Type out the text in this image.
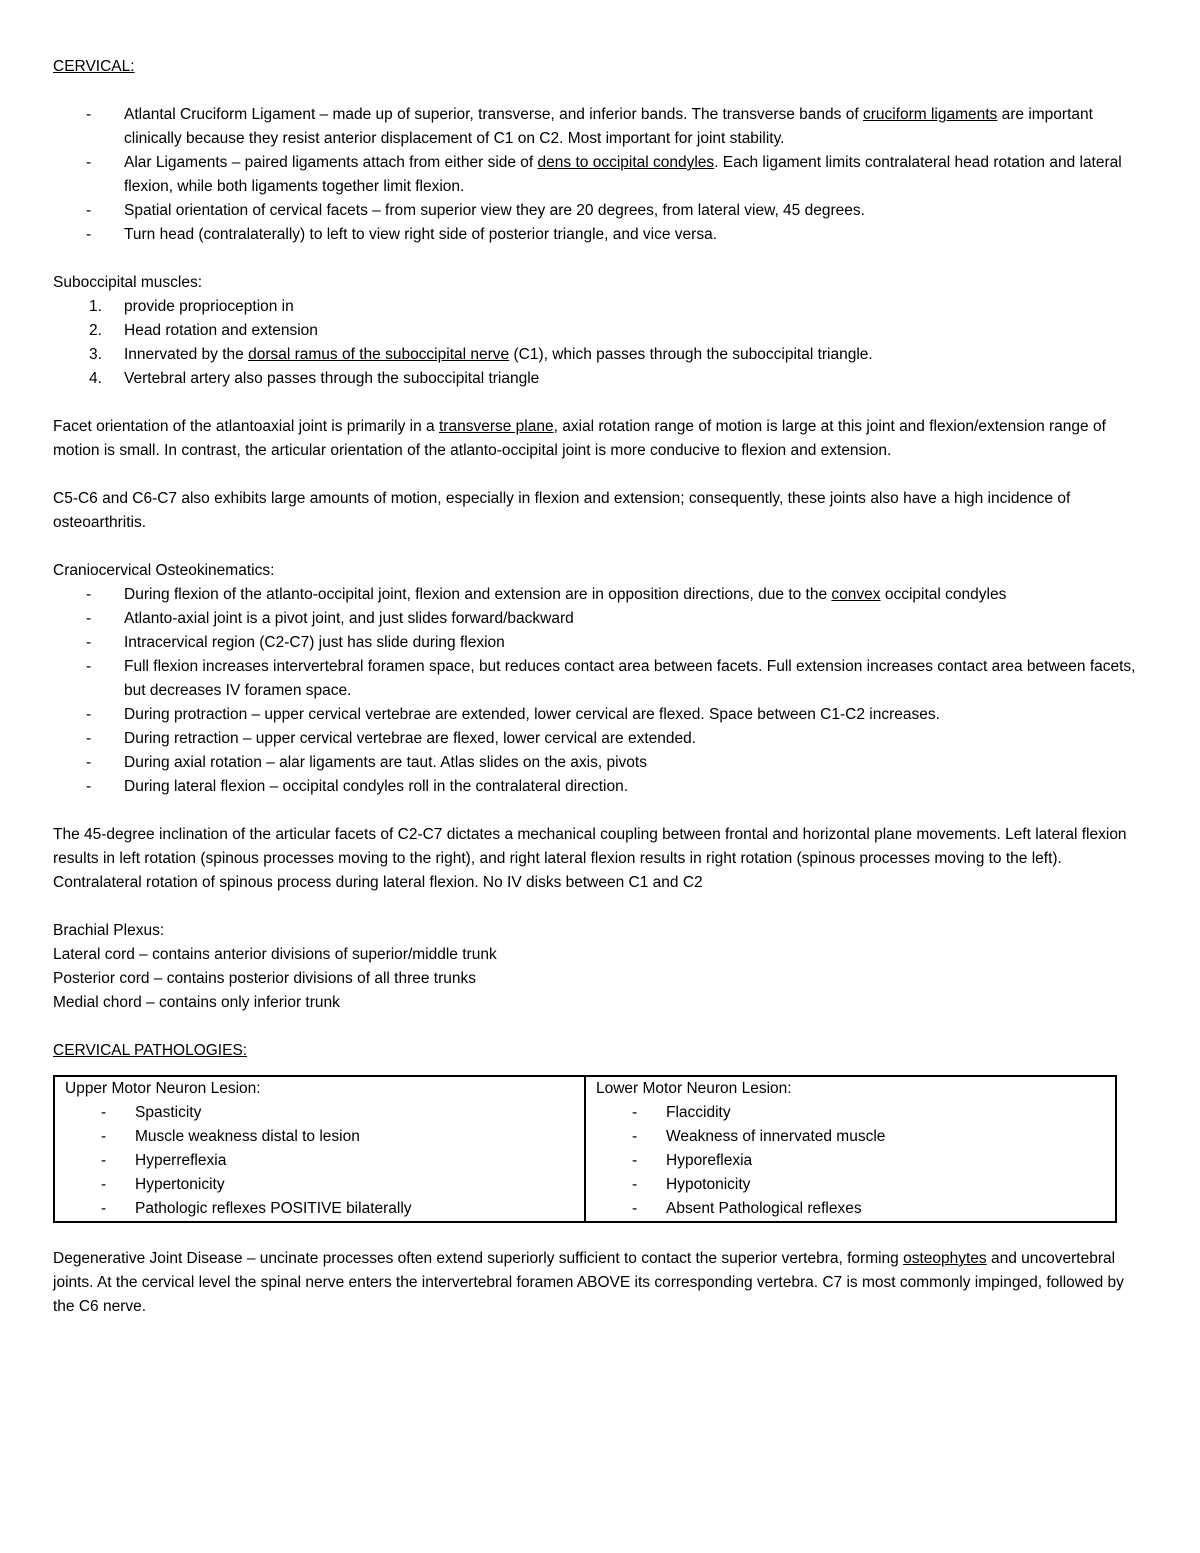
CERVICAL:
- Atlantal Cruciform Ligament – made up of superior, transverse, and inferior bands. The transverse bands of cruciform ligaments are important clinically because they resist anterior displacement of C1 on C2. Most important for joint stability.
- Alar Ligaments – paired ligaments attach from either side of dens to occipital condyles. Each ligament limits contralateral head rotation and lateral flexion, while both ligaments together limit flexion.
- Spatial orientation of cervical facets – from superior view they are 20 degrees, from lateral view, 45 degrees.
- Turn head (contralaterally) to left to view right side of posterior triangle, and vice versa.
Suboccipital muscles:
1. provide proprioception in
2. Head rotation and extension
3. Innervated by the dorsal ramus of the suboccipital nerve (C1), which passes through the suboccipital triangle.
4. Vertebral artery also passes through the suboccipital triangle

Facet orientation of the atlantoaxial joint is primarily in a transverse plane, axial rotation range of motion is large at this joint and flexion/extension range of motion is small. In contrast, the articular orientation of the atlanto-occipital joint is more conducive to flexion and extension.

C5-C6 and C6-C7 also exhibits large amounts of motion, especially in flexion and extension; consequently, these joints also have a high incidence of osteoarthritis.

Craniocervical Osteokinematics:
- During flexion of the atlanto-occipital joint, flexion and extension are in opposition directions, due to the convex occipital condyles
- Atlanto-axial joint is a pivot joint, and just slides forward/backward
- Intracervical region (C2-C7) just has slide during flexion
- Full flexion increases intervertebral foramen space, but reduces contact area between facets. Full extension increases contact area between facets, but decreases IV foramen space.
- During protraction – upper cervical vertebrae are extended, lower cervical are flexed. Space between C1-C2 increases.
- During retraction – upper cervical vertebrae are flexed, lower cervical are extended.
- During axial rotation – alar ligaments are taut. Atlas slides on the axis, pivots
- During lateral flexion – occipital condyles roll in the contralateral direction.

The 45-degree inclination of the articular facets of C2-C7 dictates a mechanical coupling between frontal and horizontal plane movements. Left lateral flexion results in left rotation (spinous processes moving to the right), and right lateral flexion results in right rotation (spinous processes moving to the left). Contralateral rotation of spinous process during lateral flexion. No IV disks between C1 and C2

Brachial Plexus:
Lateral cord – contains anterior divisions of superior/middle trunk
Posterior cord – contains posterior divisions of all three trunks
Medial chord – contains only inferior trunk
CERVICAL PATHOLOGIES:
Upper Motor Neuron Lesion:
- Spasticity
- Muscle weakness distal to lesion
- Hyperreflexia
- Hypertonicity
- Pathologic reflexes POSITIVE bilaterally

Lower Motor Neuron Lesion:
- Flaccidity
- Weakness of innervated muscle
- Hyporeflexia
- Hypotonicity
- Absent Pathological reflexes

Degenerative Joint Disease – uncinate processes often extend superiorly sufficient to contact the superior vertebra, forming osteophytes and uncovertebral joints. At the cervical level the spinal nerve enters the intervertebral foramen ABOVE its corresponding vertebra. C7 is most commonly impinged, followed by the C6 nerve.
